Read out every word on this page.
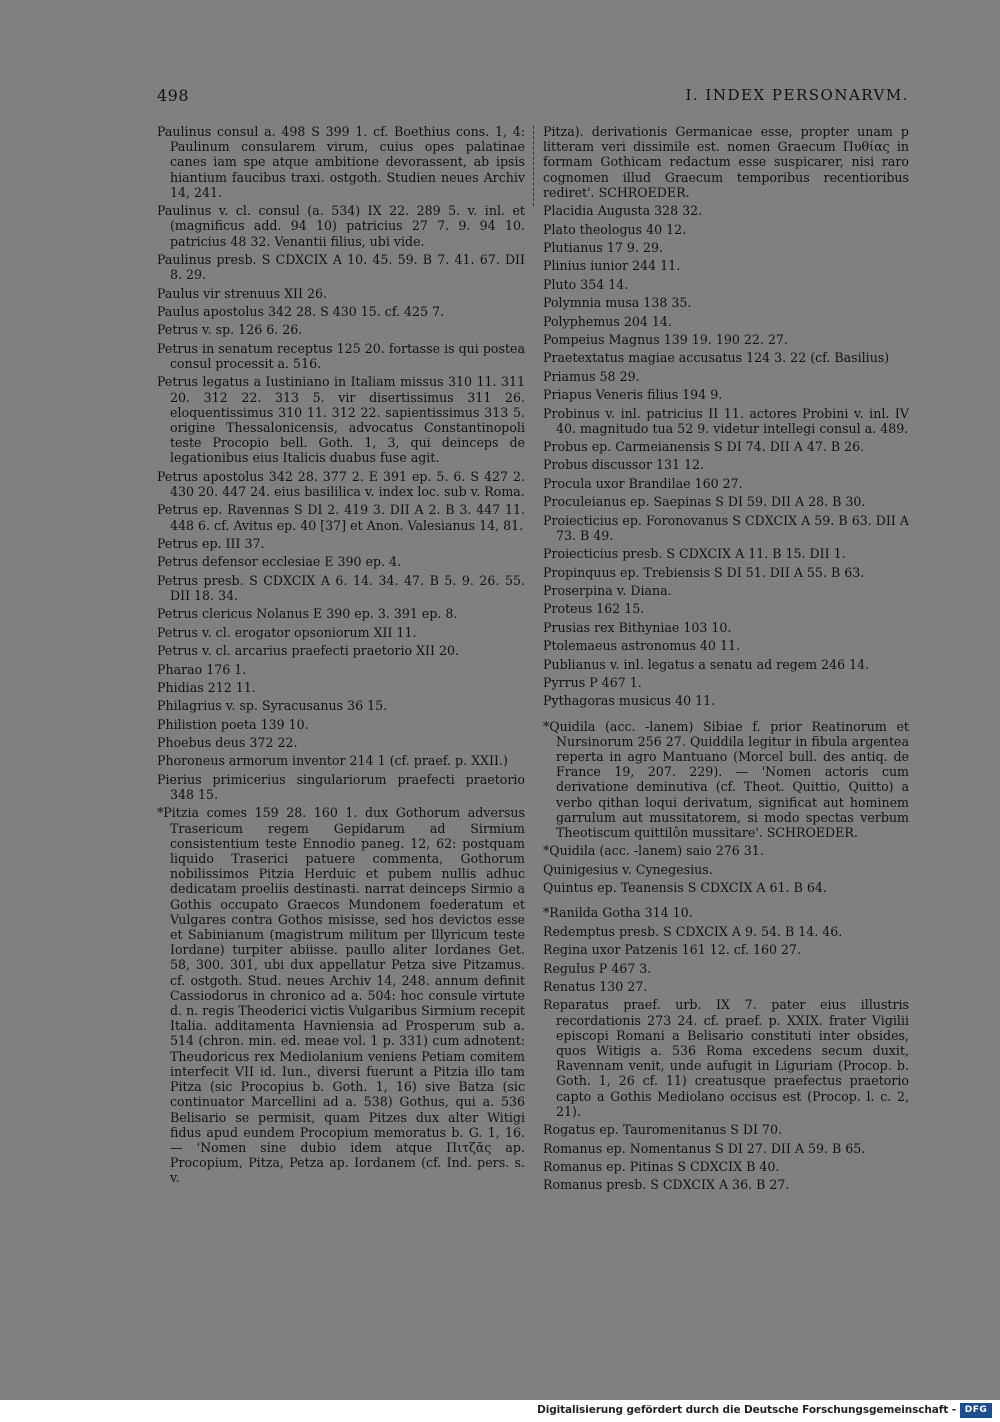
498	I. INDEX PERSONARVM.

Paulinus consul a. 498 S 399 1. cf. Boethius cons. 1, 4: Paulinum consularem virum, cuius opes palatinae canes iam spe atque ambitione devorassent, ab ipsis hiantium faucibus traxi. ostgoth. Studien neues Archiv 14, 241.

Paulinus v. cl. consul (a. 534) IX 22. 289 5. v. inl. et (magnificus add. 94 10) patricius 27 7. 9. 94 10. patricius 48 32. Venantii filius, ubi vide.

Paulinus presb. S CDXCIX A 10. 45. 59. B 7. 41. 67. DII 8. 29.

Paulus vir strenuus XII 26.

Paulus apostolus 342 28. S 430 15. cf. 425 7.

Petrus v. sp. 126 6. 26.

Petrus in senatum receptus 125 20. fortasse is qui postea consul processit a. 516.

Petrus legatus a Iustiniano in Italiam missus 310 11. 311 20. 312 22. 313 5. vir disertissimus 311 26. eloquentissimus 310 11. 312 22. sapientissimus 313 5. origine Thessalonicensis, advocatus Constantinopoli teste Procopio bell. Goth. 1, 3, qui deinceps de legationibus eius Italicis duabus fuse agit.

Petrus apostolus 342 28. 377 2. E 391 ep. 5. 6. S 427 2. 430 20. 447 24. eius basililica v. index loc. sub v. Roma.

Petrus ep. Ravennas S DI 2. 419 3. DII A 2. B 3. 447 11. 448 6. cf. Avitus ep. 40 [37] et Anon. Valesianus 14, 81.

Petrus ep. III 37.

Petrus defensor ecclesiae E 390 ep. 4.

Petrus presb. S CDXCIX A 6. 14. 34. 47. B 5. 9. 26. 55. DII 18. 34.

Petrus clericus Nolanus E 390 ep. 3. 391 ep. 8.

Petrus v. cl. erogator opsoniorum XII 11.

Petrus v. cl. arcarius praefecti praetorio XII 20.

Pharao 176 1.

Phidias 212 11.

Philagrius v. sp. Syracusanus 36 15.

Philistion poeta 139 10.

Phoebus deus 372 22.

Phoroneus armorum inventor 214 1 (cf. praef. p. XXII.)

Pierius primicerius singulariorum praefecti praetorio 348 15.

*Pitzia comes 159 28. 160 1. dux Gothorum adversus Trasericum regem Gepidarum ad Sirmium consistentium teste Ennodio paneg. 12, 62: postquam liquido Traserici patuere commenta, Gothorum nobilissimos Pitzia Herduic et pubem nullis adhuc dedicatam proeliis destinasti. narrat deinceps Sirmio a Gothis occupato Graecos Mundonem foederatum et Vulgares contra Gothos misisse, sed hos devictos esse et Sabinianum (magistrum militum per Illyricum teste Iordane) turpiter abiisse. paullo aliter Iordanes Get. 58, 300. 301, ubi dux appellatur Petza sive Pitzamus. cf. ostgoth. Stud. neues Archiv 14, 248. annum definit Cassiodorus in chronico ad a. 504: hoc consule virtute d. n. regis Theoderici victis Vulgaribus Sirmium recepit Italia. additamenta Havniensia ad Prosperum sub a. 514 (chron. min. ed. meae vol. 1 p. 331) cum adnotent: Theudoricus rex Mediolanium veniens Petiam comitem interfecit VII id. Iun., diversi fuerunt a Pitzia illo tam Pitza (sic Procopius b. Goth. 1, 16) sive Batza (sic continuator Marcellini ad a. 538) Gothus, qui a. 536 Belisario se permisit, quam Pitzes dux alter Witigi fidus apud eundem Procopium memoratus b. G. 1, 16. — 'Nomen sine dubio idem atque Πιτζᾶς ap. Procopium, Pitza, Petza ap. Iordanem (cf. Ind. pers. s. v.

Pitza). derivationis Germanicae esse, propter unam p litteram veri dissimile est. nomen Graecum Πυθίας in formam Gothicam redactum esse suspicarer, nisi raro cognomen illud Graecum temporibus recentioribus rediret'. SCHROEDER.

Placidia Augusta 328 32.

Plato theologus 40 12.

Plutianus 17 9. 29.

Plinius iunior 244 11.

Pluto 354 14.

Polymnia musa 138 35.

Polyphemus 204 14.

Pompeius Magnus 139 19. 190 22. 27.

Praetextatus magiae accusatus 124 3. 22 (cf. Basilius)

Priamus 58 29.

Priapus Veneris filius 194 9.

Probinus v. inl. patricius II 11. actores Probini v. inl. IV 40. magnitudo tua 52 9. videtur intellegi consul a. 489.

Probus ep. Carmeianensis S DI 74. DII A 47. B 26.

Probus discussor 131 12.

Procula uxor Brandilae 160 27.

Proculeianus ep. Saepinas S DI 59. DII A 28. B 30.

Proiecticius ep. Foronovanus S CDXCIX A 59. B 63. DII A 73. B 49.

Proiecticius presb. S CDXCIX A 11. B 15. DII 1.

Propinquus ep. Trebiensis S DI 51. DII A 55. B 63.

Proserpina v. Diana.

Proteus 162 15.

Prusias rex Bithyniae 103 10.

Ptolemaeus astronomus 40 11.

Publianus v. inl. legatus a senatu ad regem 246 14.

Pyrrus P 467 1.

Pythagoras musicus 40 11.

*Quidila (acc. -lanem) Sibiae f. prior Reatinorum et Nursinorum 256 27. Quiddila legitur in fibula argentea reperta in agro Mantuano (Morcel bull. des antiq. de France 19, 207. 229). — 'Nomen actoris cum derivatione deminutiva (cf. Theot. Quittio, Quitto) a verbo qithan loqui derivatum, significat aut hominem garrulum aut mussitatorem, si modo spectas verbum Theotiscum quittilôn mussitare'. SCHROEDER.

*Quidila (acc. -lanem) saio 276 31.

Quinigesius v. Cynegesius.

Quintus ep. Teanensis S CDXCIX A 61. B 64.

*Ranilda Gotha 314 10.

Redemptus presb. S CDXCIX A 9. 54. B 14. 46.

Regina uxor Patzenis 161 12. cf. 160 27.

Regulus P 467 3.

Renatus 130 27.

Reparatus praef. urb. IX 7. pater eius illustris recordationis 273 24. cf. praef. p. XXIX. frater Vigilii episcopi Romani a Belisario constituti inter obsides, quos Witigis a. 536 Roma excedens secum duxit, Ravennam venit, unde aufugit in Liguriam (Procop. b. Goth. 1, 26 cf. 11) creatusque praefectus praetorio capto a Gothis Mediolano occisus est (Procop. l. c. 2, 21).

Rogatus ep. Tauromenitanus S DI 70.

Romanus ep. Nomentanus S DI 27. DII A 59. B 65.

Romanus ep. Pitinas S CDXCIX B 40.

Romanus presb. S CDXCIX A 36. B 27.

Digitalisierung gefördert durch die Deutsche Forschungsgemeinschaft - DFG
